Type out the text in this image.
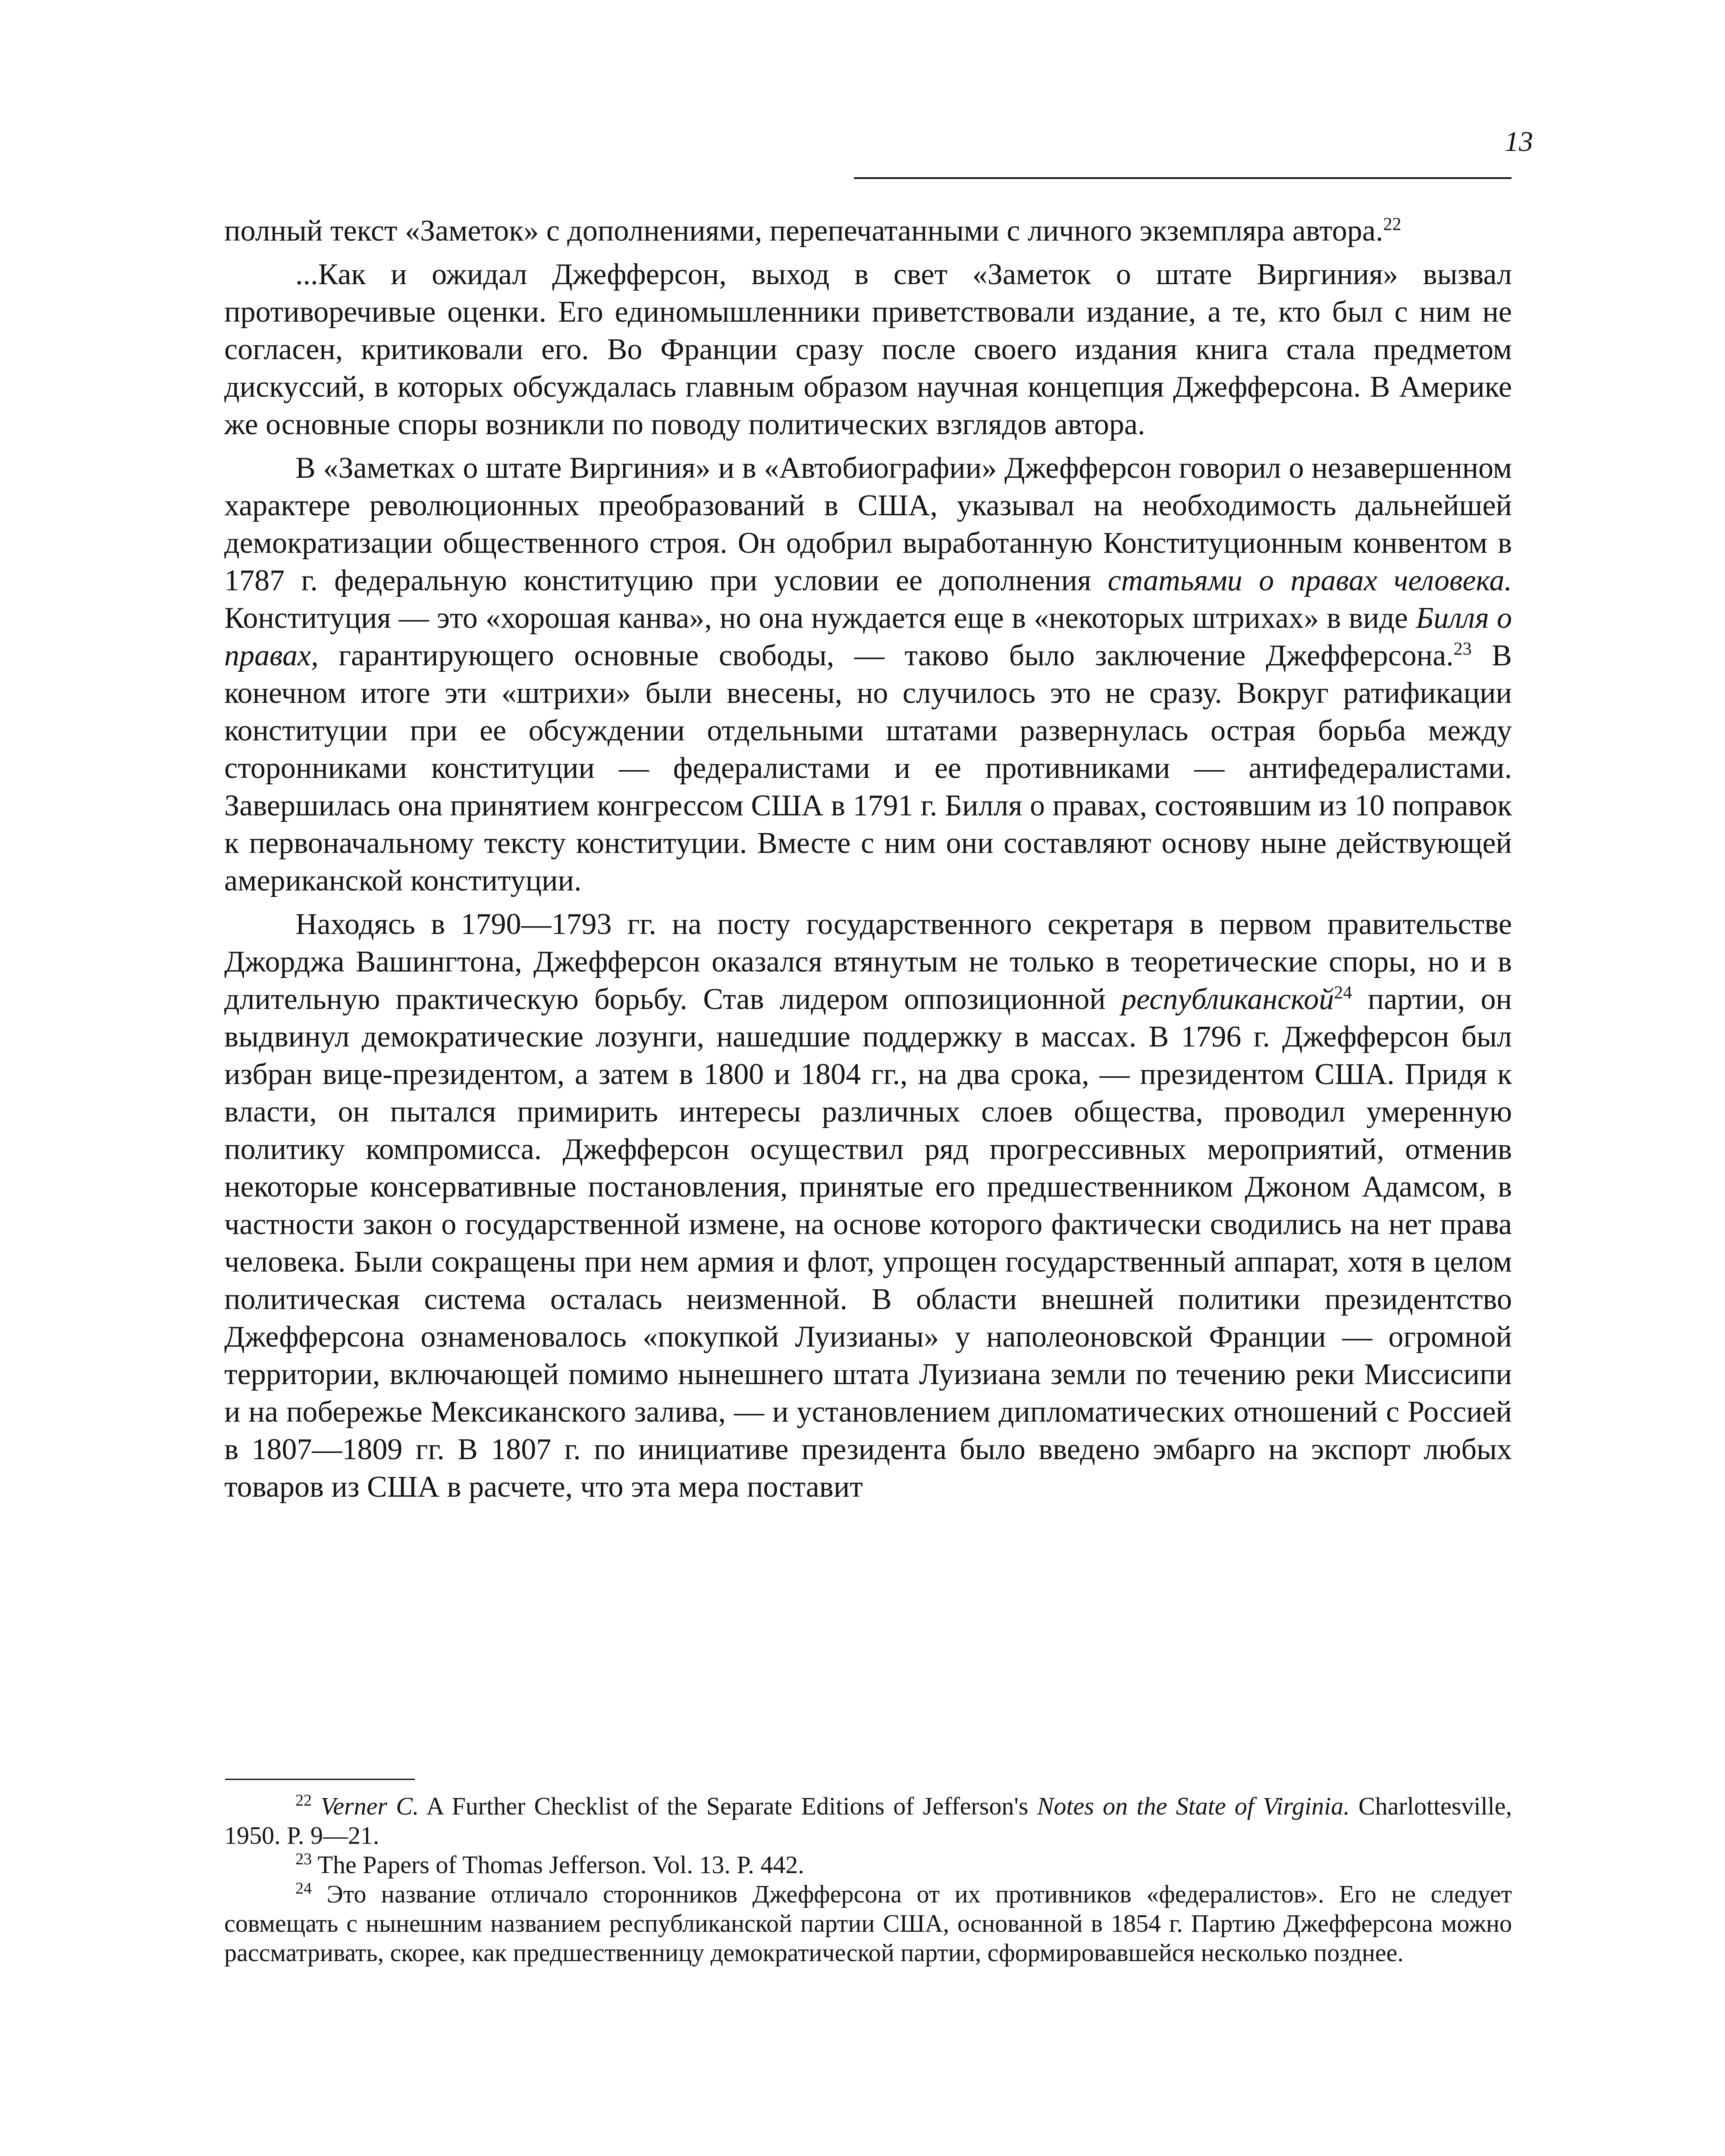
13

полный текст «Заметок» с дополнениями, перепечатанными с личного экземпляра автора.$^{22}$

...Как и ожидал Джефферсон, выход в свет «Заметок о штате Виргиния» вызвал противоречивые оценки. Его единомышленники приветствовали издание, а те, кто был с ним не согласен, критиковали его. Во Франции сразу после своего издания книга стала предметом дискуссий, в которых обсуждалась главным образом научная концепция Джефферсона. В Америке же основные споры возникли по поводу политических взглядов автора.

В «Заметках о штате Виргиния» и в «Автобиографии» Джефферсон говорил о незавершенном характере революционных преобразований в США, указывал на необходимость дальнейшей демократизации общественного строя. Он одобрил выработанную Конституционным конвентом в 1787 г. федеральную конституцию при условии ее дополнения статьями о правах человека. Конституция — это «хорошая канва», но она нуждается еще в «некоторых штрихах» в виде Билля о правах, гарантирующего основные свободы, — таково было заключение Джефферсона.$^{23}$ В конечном итоге эти «штрихи» были внесены, но случилось это не сразу. Вокруг ратификации конституции при ее обсуждении отдельными штатами развернулась острая борьба между сторонниками конституции — федералистами и ее противниками — антифедералистами. Завершилась она принятием конгрессом США в 1791 г. Билля о правах, состоявшим из 10 поправок к первоначальному тексту конституции. Вместе с ним они составляют основу ныне действующей американской конституции.

Находясь в 1790—1793 гг. на посту государственного секретаря в первом правительстве Джорджа Вашингтона, Джефферсон оказался втянутым не только в теоретические споры, но и в длительную практическую борьбу. Став лидером оппозиционной республиканской$^{24}$ партии, он выдвинул демократические лозунги, нашедшие поддержку в массах. В 1796 г. Джефферсон был избран вице-президентом, а затем в 1800 и 1804 гг., на два срока, — президентом США. Придя к власти, он пытался примирить интересы различных слоев общества, проводил умеренную политику компромисса. Джефферсон осуществил ряд прогрессивных мероприятий, отменив некоторые консервативные постановления, принятые его предшественником Джоном Адамсом, в частности закон о государственной измене, на основе которого фактически сводились на нет права человека. Были сокращены при нем армия и флот, упрощен государственный аппарат, хотя в целом политическая система осталась неизменной. В области внешней политики президентство Джефферсона ознаменовалось «покупкой Луизианы» у наполеоновской Франции — огромной территории, включающей помимо нынешнего штата Луизиана земли по течению реки Миссисипи и на побережье Мексиканского залива, — и установлением дипломатических отношений с Россией в 1807—1809 гг. В 1807 г. по инициативе президента было введено эмбарго на экспорт любых товаров из США в расчете, что эта мера поставит

$^{22}$ Verner C. A Further Checklist of the Separate Editions of Jefferson's Notes on the State of Virginia. Charlottesville, 1950. P. 9—21.

$^{23}$ The Papers of Thomas Jefferson. Vol. 13. P. 442.

$^{24}$ Это название отличало сторонников Джефферсона от их противников «федералистов». Его не следует совмещать с нынешним названием республиканской партии США, основанной в 1854 г. Партию Джефферсона можно рассматривать, скорее, как предшественницу демократической партии, сформировавшейся несколько позднее.
